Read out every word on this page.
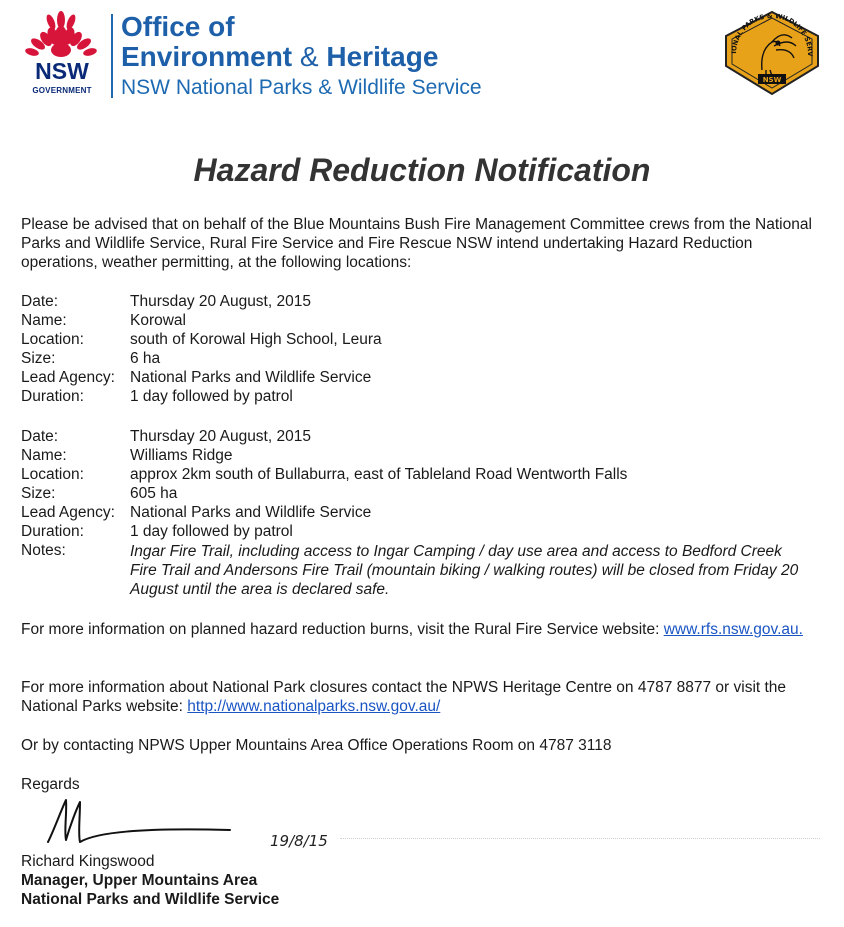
NSW
GOVERNMENT
Office of
Environment & Heritage
NSW National Parks & Wildlife Service
IONAL PARKS & WILDLIFE SERV
NSW
Hazard Reduction Notification
Please be advised that on behalf of the Blue Mountains Bush Fire Management Committee crews from the National Parks and Wildlife Service, Rural Fire Service and Fire Rescue NSW intend undertaking Hazard Reduction operations, weather permitting, at the following locations:
Date:	Thursday 20 August, 2015
Name:	Korowal
Location:	south of Korowal High School, Leura
Size:	6 ha
Lead Agency: National Parks and Wildlife Service
Duration:	1 day followed by patrol
Date:	Thursday 20 August, 2015
Name:	Williams Ridge
Location:	approx 2km south of Bullaburra, east of Tableland Road Wentworth Falls
Size:	605 ha
Lead Agency: National Parks and Wildlife Service
Duration:	1 day followed by patrol
Notes:	Ingar Fire Trail, including access to Ingar Camping / day use area and access to Bedford Creek Fire Trail and Andersons Fire Trail (mountain biking / walking routes) will be closed from Friday 20 August until the area is declared safe.
For more information on planned hazard reduction burns, visit the Rural Fire Service website: www.rfs.nsw.gov.au.
For more information about National Park closures contact the NPWS Heritage Centre on 4787 8877 or visit the National Parks website: http://www.nationalparks.nsw.gov.au/
Or by contacting NPWS Upper Mountains Area Office Operations Room on 4787 3118
Regards
19/8/15
Richard Kingswood
Manager, Upper Mountains Area
National Parks and Wildlife Service
